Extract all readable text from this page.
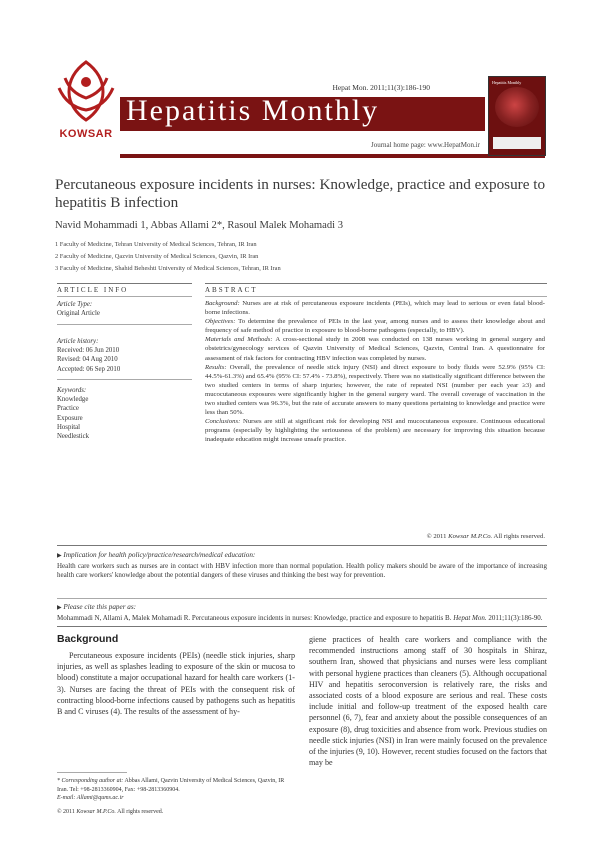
KOWSAR
Hepat Mon. 2011;11(3):186-190
Hepatitis Monthly
Journal home page: www.HepatMon.ir
Hepatitis Monthly
Percutaneous exposure incidents in nurses: Knowledge, practice and exposure to hepatitis B infection
Navid Mohammadi 1, Abbas Allami 2*, Rasoul Malek Mohamadi 3
1 Faculty of Medicine, Tehran University of Medical Sciences, Tehran, IR Iran
2 Faculty of Medicine, Qazvin University of Medical Sciences, Qazvin, IR Iran
3 Faculty of Medicine, Shahid Beheshti University of Medical Sciences, Tehran, IR Iran
ARTICLE INFO	ABSTRACT
Article Type:
Original Article
Article history:
Received: 06 Jun 2010
Revised: 04 Aug 2010
Accepted: 06 Sep 2010
Keywords:
Knowledge
Practice
Exposure
Hospital
Needlestick

Background: Nurses are at risk of percutaneous exposure incidents (PEIs), which may lead to serious or even fatal blood-borne infections.

Objectives: To determine the prevalence of PEIs in the last year, among nurses and to assess their knowledge about and frequency of safe method of practice in exposure to blood-borne pathogens (especially, to HBV).

Materials and Methods: A cross-sectional study in 2008 was conducted on 138 nurses working in general surgery and obstetrics/gynecology services of Qazvin University of Medical Sciences, Qazvin, Central Iran. A questionnaire for assessment of risk factors for contracting HBV infection was completed by nurses.

Results: Overall, the prevalence of needle stick injury (NSI) and direct exposure to body fluids were 52.9% (95% CI: 44.5%-61.3%) and 65.4% (95% CI: 57.4% - 73.8%), respectively. There was no statistically significant difference between the two studied centers in terms of sharp injuries; however, the rate of repeated NSI (number per each year ≥3) and mucocutaneous exposures were significantly higher in the general surgery ward. The overall coverage of vaccination in the two studied centers was 96.3%, but the rate of accurate answers to many questions pertaining to knowledge and practice were less than 50%.

Conclusions: Nurses are still at significant risk for developing NSI and mucocutaneous exposure. Continuous educational programs (especially by highlighting the seriousness of the problem) are necessary for improving this situation because inadequate education might increase unsafe practice.

© 2011 Kowsar M.P.Co. All rights reserved.
▶ Implication for health policy/practice/research/medical education:
Health care workers such as nurses are in contact with HBV infection more than normal population. Health policy makers should be aware of the importance of increasing health care workers' knowledge about the potential dangers of these viruses and thinking the best way for prevention.
▶ Please cite this paper as:
Mohammadi N, Allami A, Malek Mohamadi R. Percutaneous exposure incidents in nurses: Knowledge, practice and exposure to hepatitis B. Hepat Mon. 2011;11(3):186-90.
Background
Percutaneous exposure incidents (PEIs) (needle stick injuries, sharp injuries, as well as splashes leading to exposure of the skin or mucosa to blood) constitute a major occupational hazard for health care workers (1-3). Nurses are facing the threat of PEIs with the consequent risk of contracting blood-borne infections caused by pathogens such as hepatitis B and C viruses (4). The results of the assessment of hy-
giene practices of health care workers and compliance with the recommended instructions among staff of 30 hospitals in Shiraz, southern Iran, showed that physicians and nurses were less compliant with personal hygiene practices than cleaners (5). Although occupational HIV and hepatitis seroconversion is relatively rare, the risks and associated costs of a blood exposure are serious and real. These costs include initial and follow-up treatment of the exposed health care personnel (6, 7), fear and anxiety about the possible consequences of an exposure (8), drug toxicities and absence from work. Previous studies on needle stick injuries (NSI) in Iran were mainly focused on the prevalence of the injuries (9, 10). However, recent studies focused on the factors that may be
* Corresponding author at: Abbas Allami, Qazvin University of Medical Sciences, Qazvin, IR Iran. Tel: +98-2813360904, Fax: +98-2813360904.
E-mail: Allami@qums.ac.ir
© 2011 Kowsar M.P.Co. All rights reserved.
